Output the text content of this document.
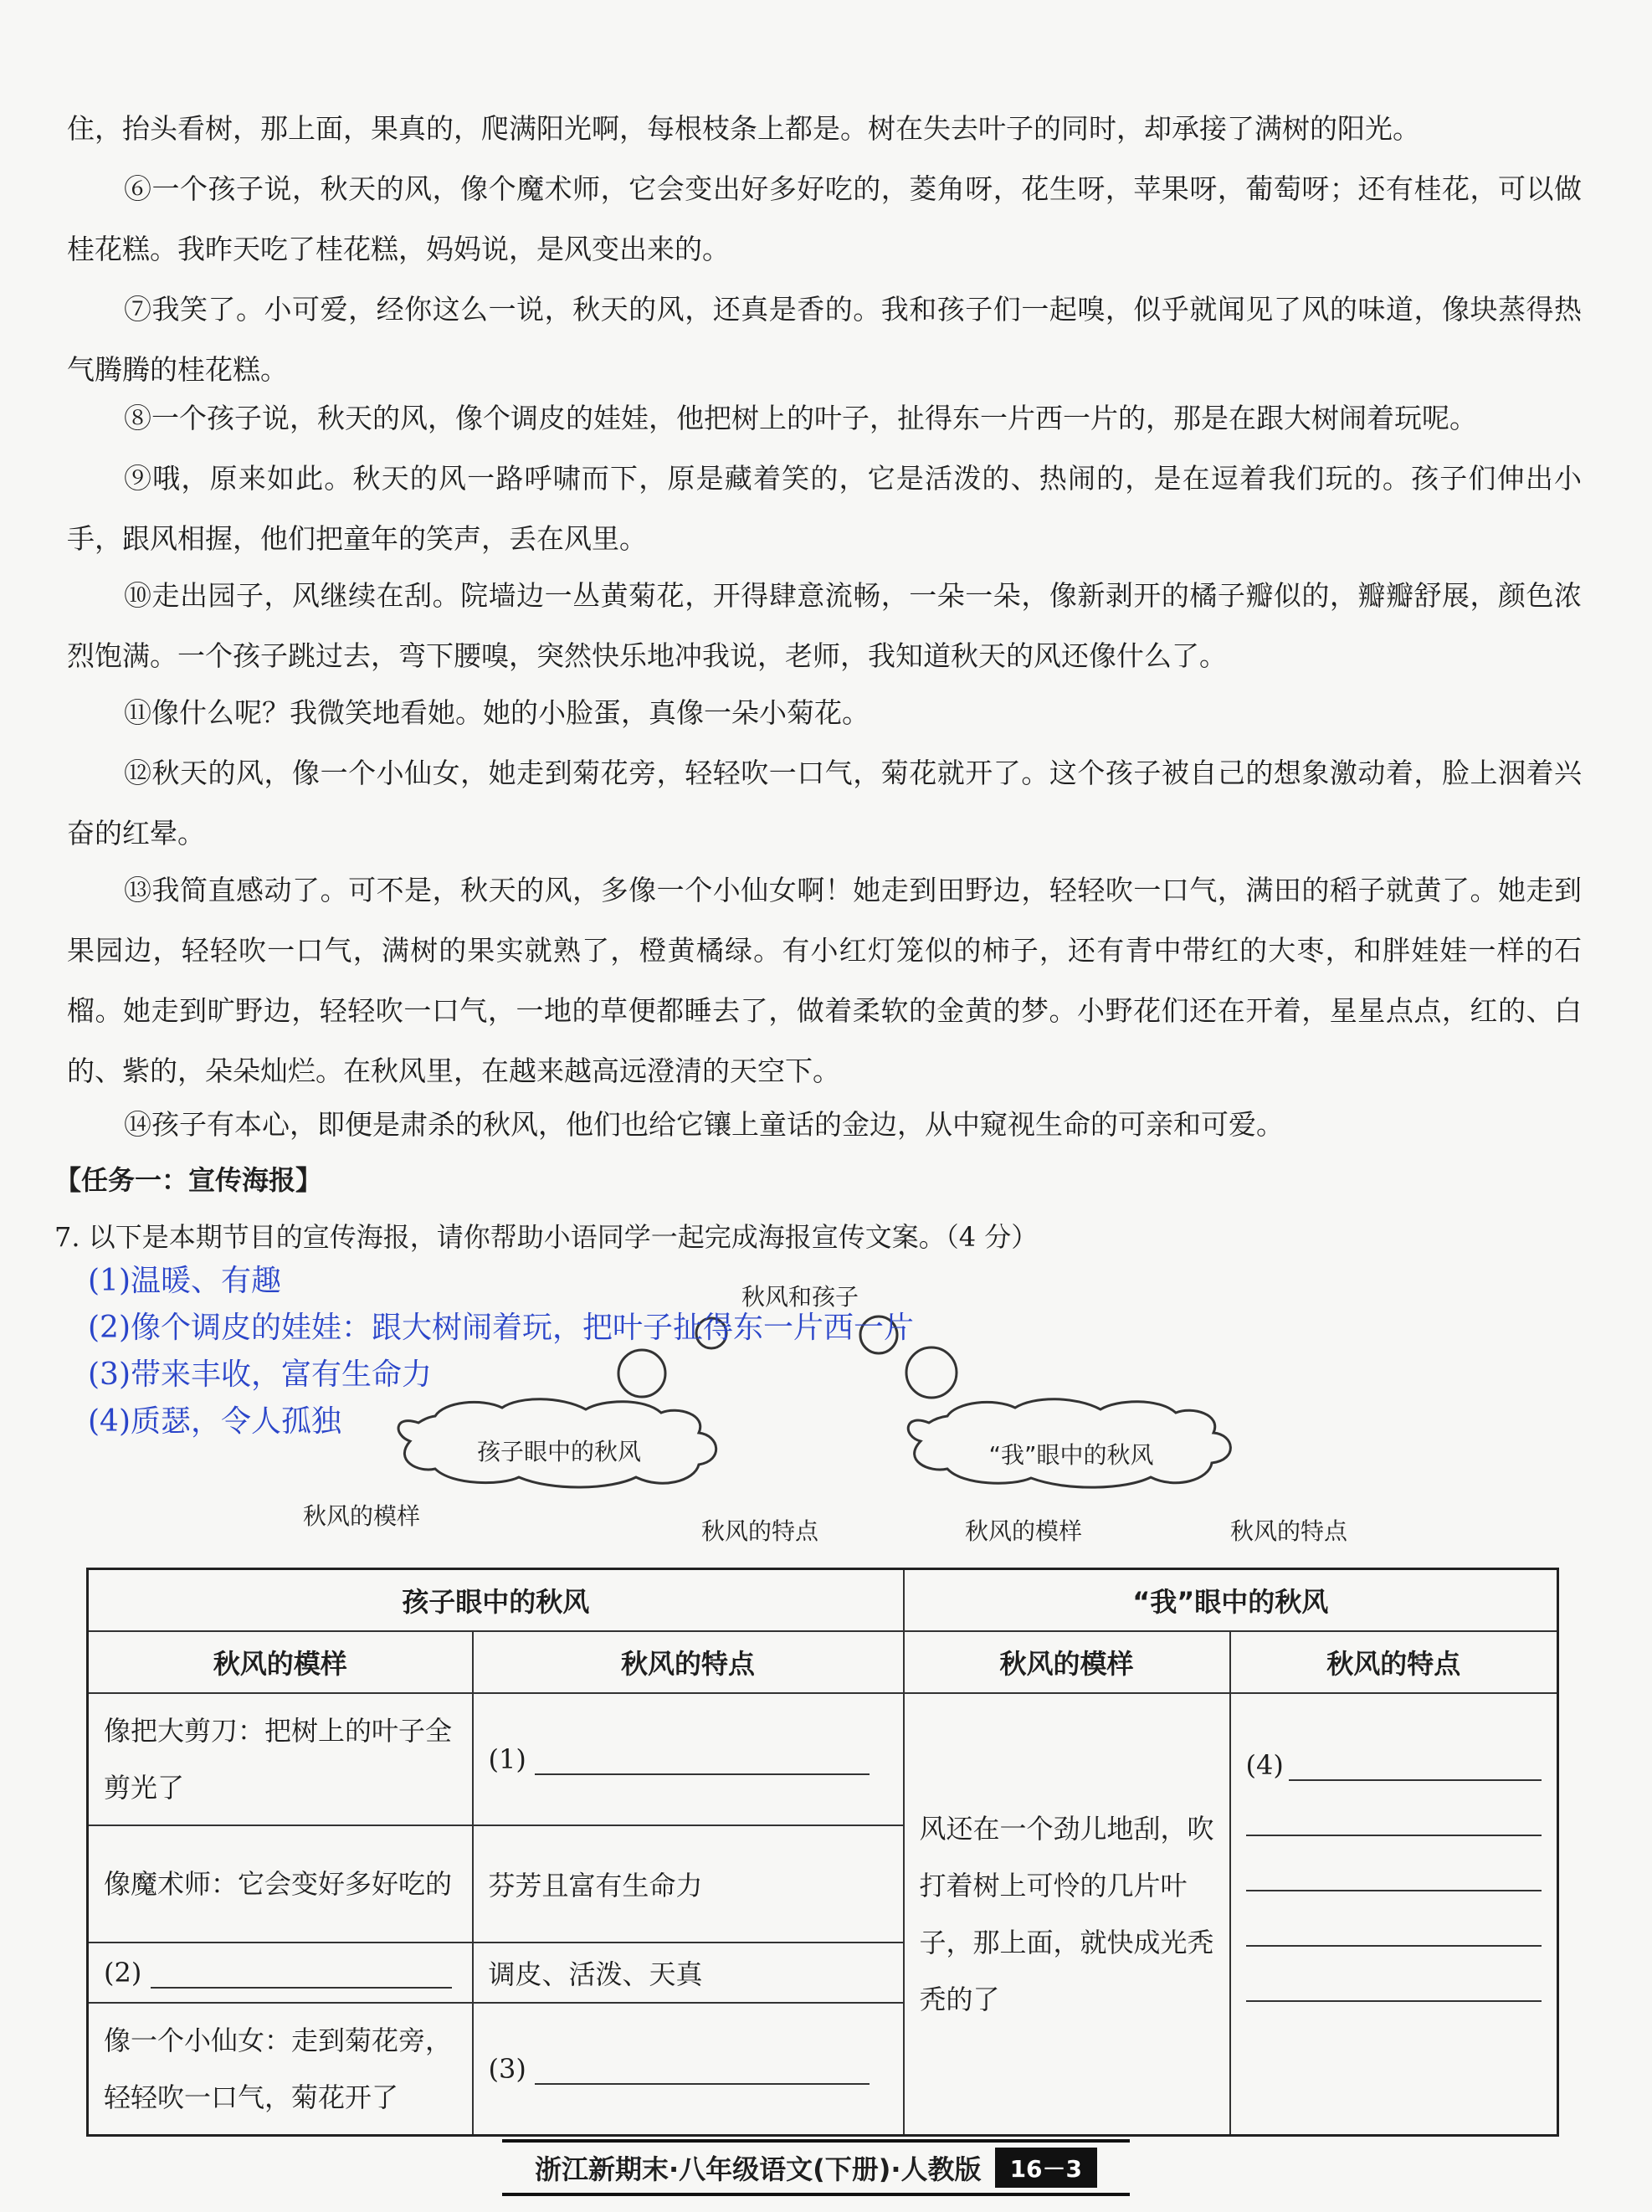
住，抬头看树，那上面，果真的，爬满阳光啊，每根枝条上都是。树在失去叶子的同时，却承接了满树的阳光。

⑥一个孩子说，秋天的风，像个魔术师，它会变出好多好吃的，菱角呀，花生呀，苹果呀，葡萄呀；还有桂花，可以做桂花糕。我昨天吃了桂花糕，妈妈说，是风变出来的。

⑦我笑了。小可爱，经你这么一说，秋天的风，还真是香的。我和孩子们一起嗅，似乎就闻见了风的味道，像块蒸得热气腾腾的桂花糕。

⑧一个孩子说，秋天的风，像个调皮的娃娃，他把树上的叶子，扯得东一片西一片的，那是在跟大树闹着玩呢。

⑨哦，原来如此。秋天的风一路呼啸而下，原是藏着笑的，它是活泼的、热闹的，是在逗着我们玩的。孩子们伸出小手，跟风相握，他们把童年的笑声，丢在风里。

⑩走出园子，风继续在刮。院墙边一丛黄菊花，开得肆意流畅，一朵一朵，像新剥开的橘子瓣似的，瓣瓣舒展，颜色浓烈饱满。一个孩子跳过去，弯下腰嗅，突然快乐地冲我说，老师，我知道秋天的风还像什么了。

⑪像什么呢？我微笑地看她。她的小脸蛋，真像一朵小菊花。

⑫秋天的风，像一个小仙女，她走到菊花旁，轻轻吹一口气，菊花就开了。这个孩子被自己的想象激动着，脸上洇着兴奋的红晕。

⑬我简直感动了。可不是，秋天的风，多像一个小仙女啊！她走到田野边，轻轻吹一口气，满田的稻子就黄了。她走到果园边，轻轻吹一口气，满树的果实就熟了，橙黄橘绿。有小红灯笼似的柿子，还有青中带红的大枣，和胖娃娃一样的石榴。她走到旷野边，轻轻吹一口气，一地的草便都睡去了，做着柔软的金黄的梦。小野花们还在开着，星星点点，红的、白的、紫的，朵朵灿烂。在秋风里，在越来越高远澄清的天空下。

⑭孩子有本心，即便是肃杀的秋风，他们也给它镶上童话的金边，从中窥视生命的可亲和可爱。

【任务一：宣传海报】
7. 以下是本期节目的宣传海报，请你帮助小语同学一起完成海报宣传文案。（4 分）
孩子眼中的秋风	“我”眼中的秋风
秋风和孩子
秋风的模样
秋风的特点	秋风的模样	秋风的特点
(1)温暖、有趣
(2)像个调皮的娃娃：跟大树闹着玩，把叶子扯得东一片西一片
(3)带来丰收，富有生命力
(4)质瑟，令人孤独
孩子眼中的秋风		“我”眼中的秋风	
秋风的模样	秋风的特点	秋风的模样	秋风的特点
像把大剪刀：把树上的叶子全剪光了	(1)	风还在一个劲儿地刮，吹打着树上可怜的几片叶子，那上面，就快成光秃秃的了	(4)

像魔术师：它会变好多好吃的	芬芳且富有生命力		
(2)	调皮、活泼、天真		
像一个小仙女：走到菊花旁，轻轻吹一口气，菊花开了	(3)		
浙江新期末·八年级语文(下册)·人教版	16－3
